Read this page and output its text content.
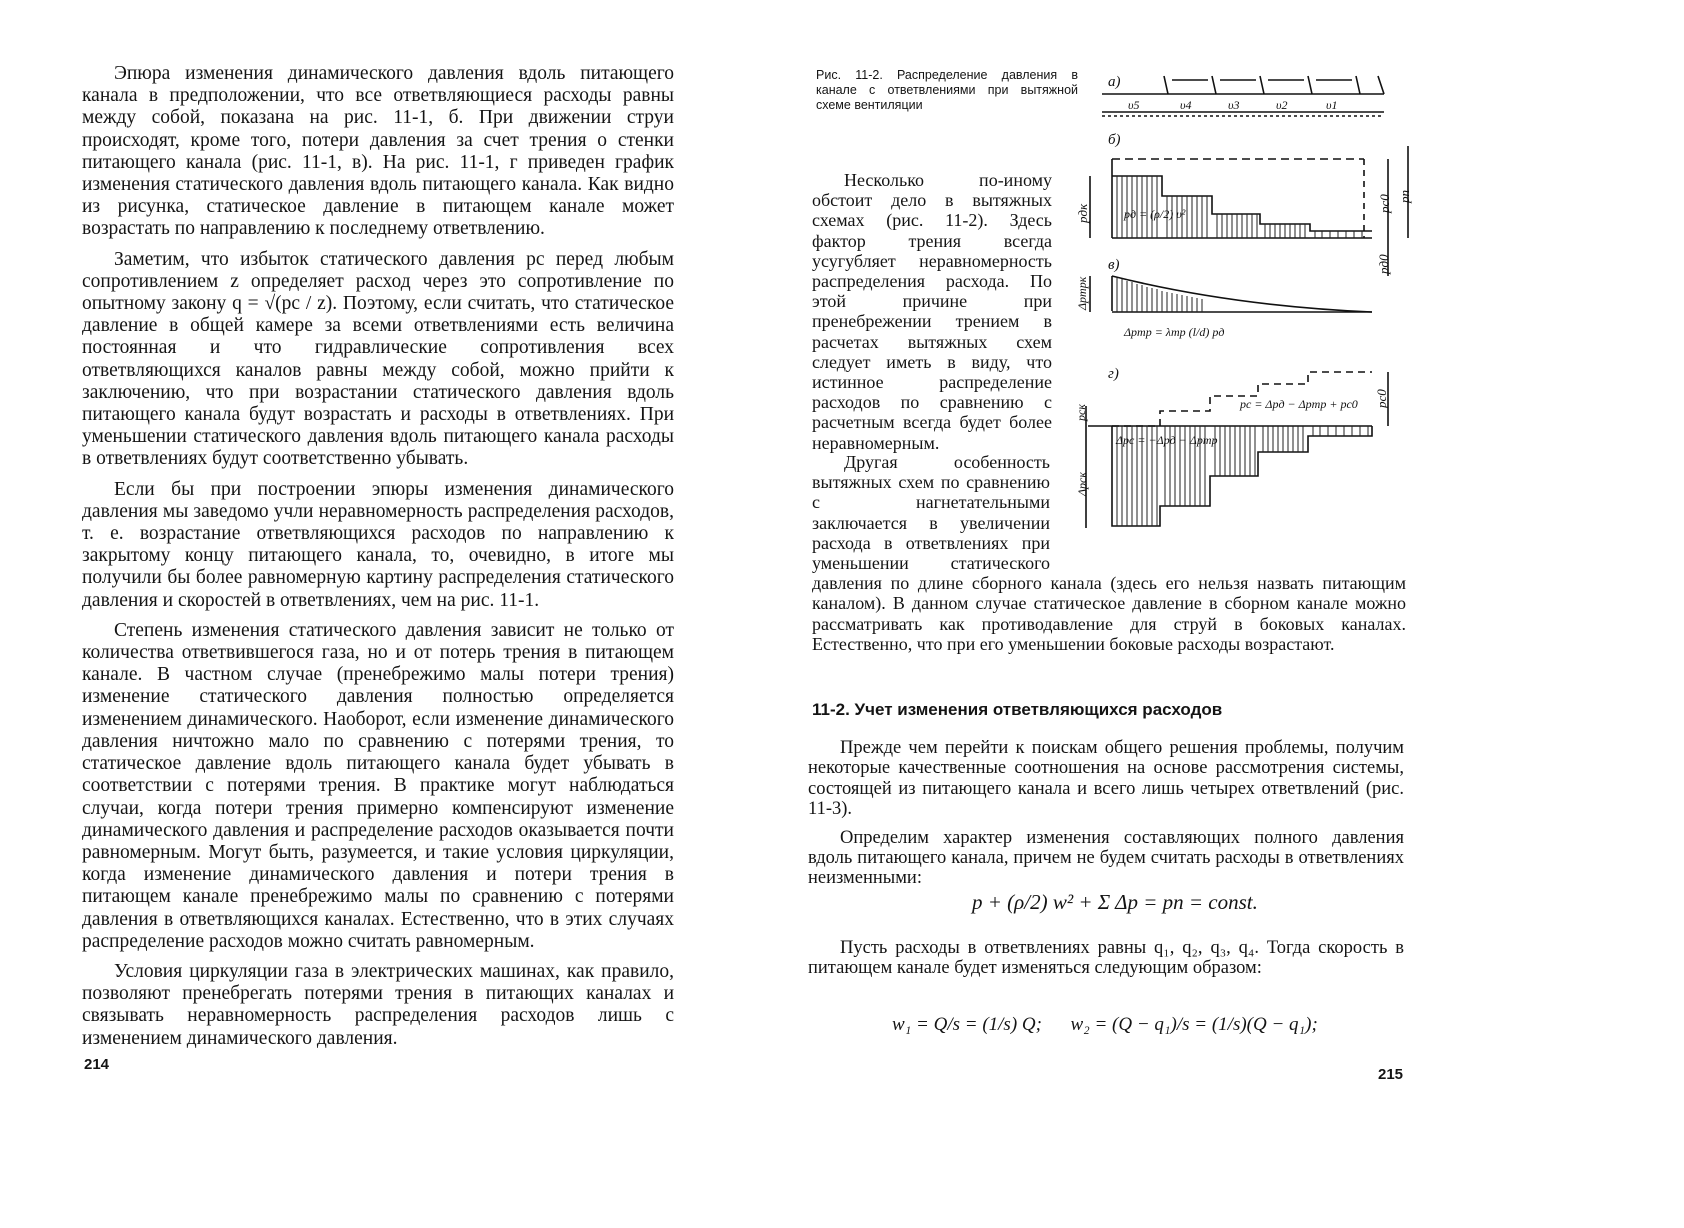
Эпюра изменения динамического давления вдоль питающего канала в предположении, что все ответвляющиеся расходы равны между собой, показана на рис. 11-1, б. При движении струи происходят, кроме того, потери давления за счет трения о стенки питающего канала (рис. 11-1, в). На рис. 11-1, г приведен график изменения статического давления вдоль питающего канала. Как видно из рисунка, статическое давление в питающем канале может возрастать по направлению к последнему ответвлению.

Заметим, что избыток статического давления pс перед любым сопротивлением z определяет расход через это сопротивление по опытному закону q = √(pс / z). Поэтому, если считать, что статическое давление в общей камере за всеми ответвлениями есть величина постоянная и что гидравлические сопротивления всех ответвляющихся каналов равны между собой, можно прийти к заключению, что при возрастании статического давления вдоль питающего канала будут возрастать и расходы в ответвлениях. При уменьшении статического давления вдоль питающего канала расходы в ответвлениях будут соответственно убывать.

Если бы при построении эпюры изменения динамического давления мы заведомо учли неравномерность распределения расходов, т. е. возрастание ответвляющихся расходов по направлению к закрытому концу питающего канала, то, очевидно, в итоге мы получили бы более равномерную картину распределения статического давления и скоростей в ответвлениях, чем на рис. 11-1.

Степень изменения статического давления зависит не только от количества ответвившегося газа, но и от потерь трения в питающем канале. В частном случае (пренебрежимо малы потери трения) изменение статического давления полностью определяется изменением динамического. Наоборот, если изменение динамического давления ничтожно мало по сравнению с потерями трения, то статическое давление вдоль питающего канала будет убывать в соответствии с потерями трения. В практике могут наблюдаться случаи, когда потери трения примерно компенсируют изменение динамического давления и распределение расходов оказывается почти равномерным. Могут быть, разумеется, и такие условия циркуляции, когда изменение динамического давления и потери трения в питающем канале пренебрежимо малы по сравнению с потерями давления в ответвляющихся каналах. Естественно, что в этих случаях распределение расходов можно считать равномерным.

Условия циркуляции газа в электрических машинах, как правило, позволяют пренебрегать потерями трения в питающих каналах и связывать неравномерность распределения расходов лишь с изменением динамического давления.

214
Рис. 11-2. Распределение давления в канале с ответвлениями при вытяжной схеме вентиляции

Несколько по-иному обстоит дело в вытяжных схемах (рис. 11-2). Здесь фактор трения всегда усугубляет неравномерность распределения расхода. По этой причине при пренебрежении трением в расчетах вытяжных схем следует иметь в виду, что истинное распределение расходов по сравнению с расчетным всегда будет более неравномерным.

Другая особенность вытяжных схем по сравнению с нагнетательными заключается в увеличении расхода в ответвлениях при уменьшении статического давления по длине сборного канала (здесь его нельзя назвать питающим каналом). В данном случае статическое давление в сборном канале можно рассматривать как противодавление для струй в боковых каналах. Естественно, что при его уменьшении боковые расходы возрастают.

а)
б)
в)
г)
υ5	υ4	υ3	υ2	υ1
pдк	pд = (ρ/2) υ²
pс0 pп
pд0
Δpтрк
Δpтр = λтр (l/d) pд
pск
pс = Δpд − Δpтр + pс0 pс0
Δpс = −Δpд − Δpтр
Δpск
11-2. Учет изменения ответвляющихся расходов

Прежде чем перейти к поискам общего решения проблемы, получим некоторые качественные соотношения на основе рассмотрения системы, состоящей из питающего канала и всего лишь четырех ответвлений (рис. 11-3).

Определим характер изменения составляющих полного давления вдоль питающего канала, причем не будем считать расходы в ответвлениях неизменными:

p + (ρ/2) w² + Σ Δp = pп = const.

Пусть расходы в ответвлениях равны q₁, q₂, q₃, q₄. Тогда скорость в питающем канале будет изменяться следующим образом:

w₁ = Q/s = (1/s) Q;      w₂ = (Q − q₁)/s = (1/s)(Q − q₁);
215
